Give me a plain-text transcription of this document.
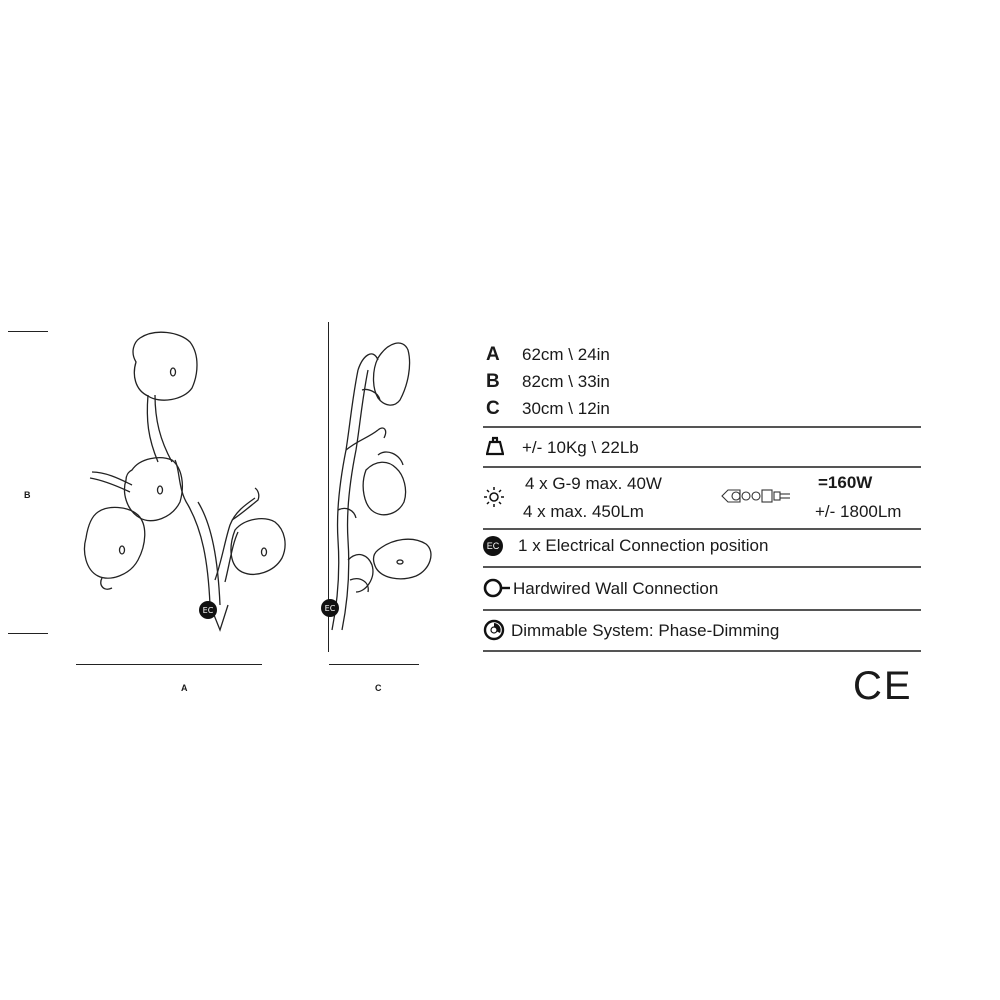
B
A
EC
C
EC
A 62cm \ 24in
B 82cm \ 33in
C 30cm \ 12in
+/- 10Kg \ 22Lb
4 x G-9 max. 40W
4 x max. 450Lm
=160W
+/- 1800Lm
EC 1 x Electrical Connection position
Hardwired Wall Connection
Dimmable System: Phase-Dimming
CE
